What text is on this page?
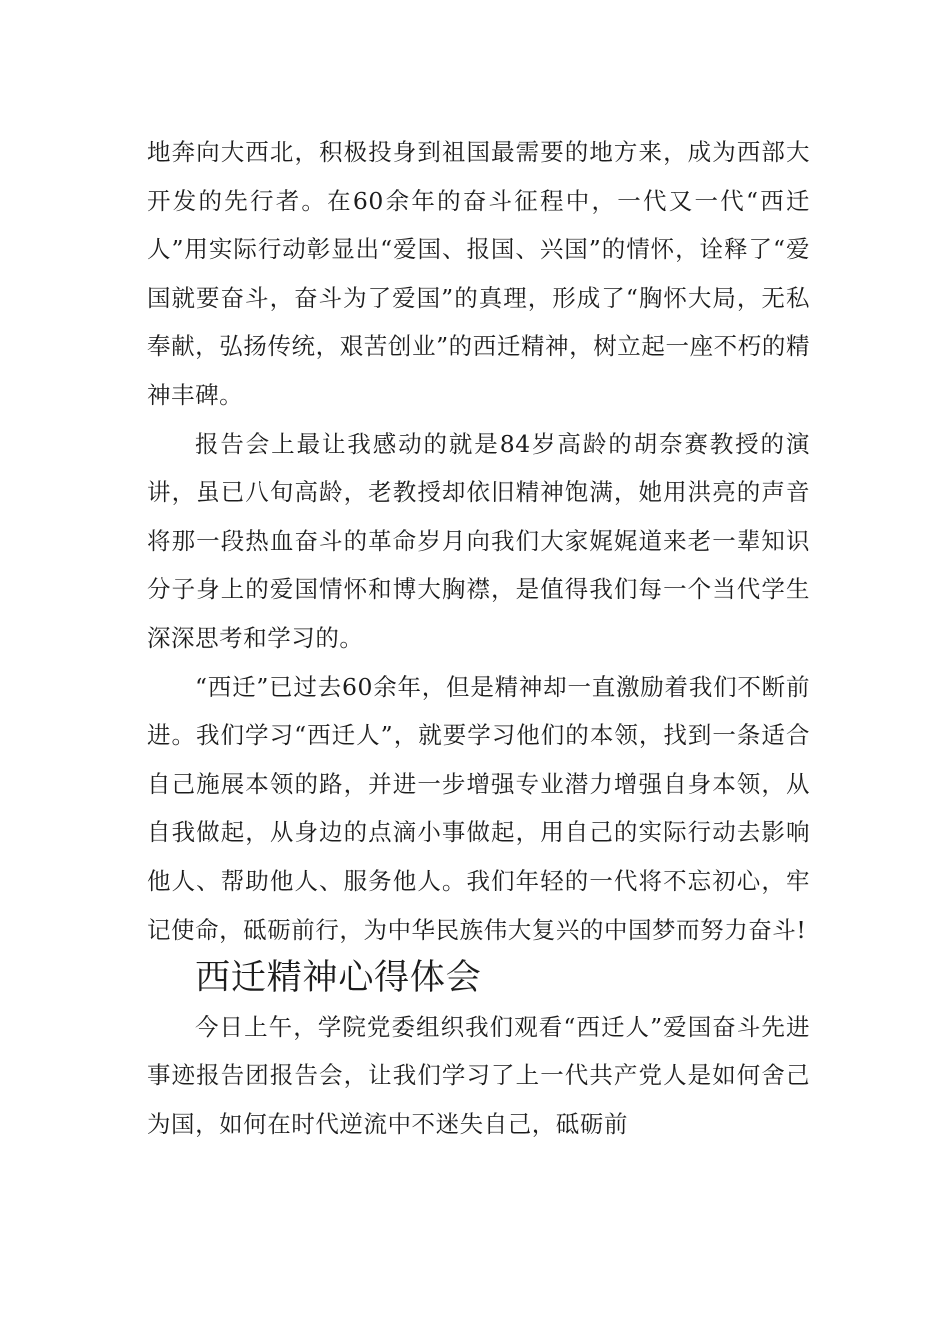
地奔向大西北，积极投身到祖国最需要的地方来，成为西部大开发的先行者。在60余年的奋斗征程中，一代又一代“西迁人”用实际行动彰显出“爱国、报国、兴国”的情怀，诠释了“爱国就要奋斗，奋斗为了爱国”的真理，形成了“胸怀大局，无私奉献，弘扬传统，艰苦创业”的西迁精神，树立起一座不朽的精神丰碑。

报告会上最让我感动的就是84岁高龄的胡奈赛教授的演讲，虽已八旬高龄，老教授却依旧精神饱满，她用洪亮的声音将那一段热血奋斗的革命岁月向我们大家娓娓道来老一辈知识分子身上的爱国情怀和博大胸襟，是值得我们每一个当代学生深深思考和学习的。

“西迁”已过去60余年，但是精神却一直激励着我们不断前进。我们学习“西迁人”，就要学习他们的本领，找到一条适合自己施展本领的路，并进一步增强专业潜力增强自身本领，从自我做起，从身边的点滴小事做起，用自己的实际行动去影响他人、帮助他人、服务他人。我们年轻的一代将不忘初心，牢记使命，砥砺前行，为中华民族伟大复兴的中国梦而努力奋斗!

西迁精神心得体会

今日上午，学院党委组织我们观看“西迁人”爱国奋斗先进事迹报告团报告会，让我们学习了上一代共产党人是如何舍己为国，如何在时代逆流中不迷失自己，砥砺前
